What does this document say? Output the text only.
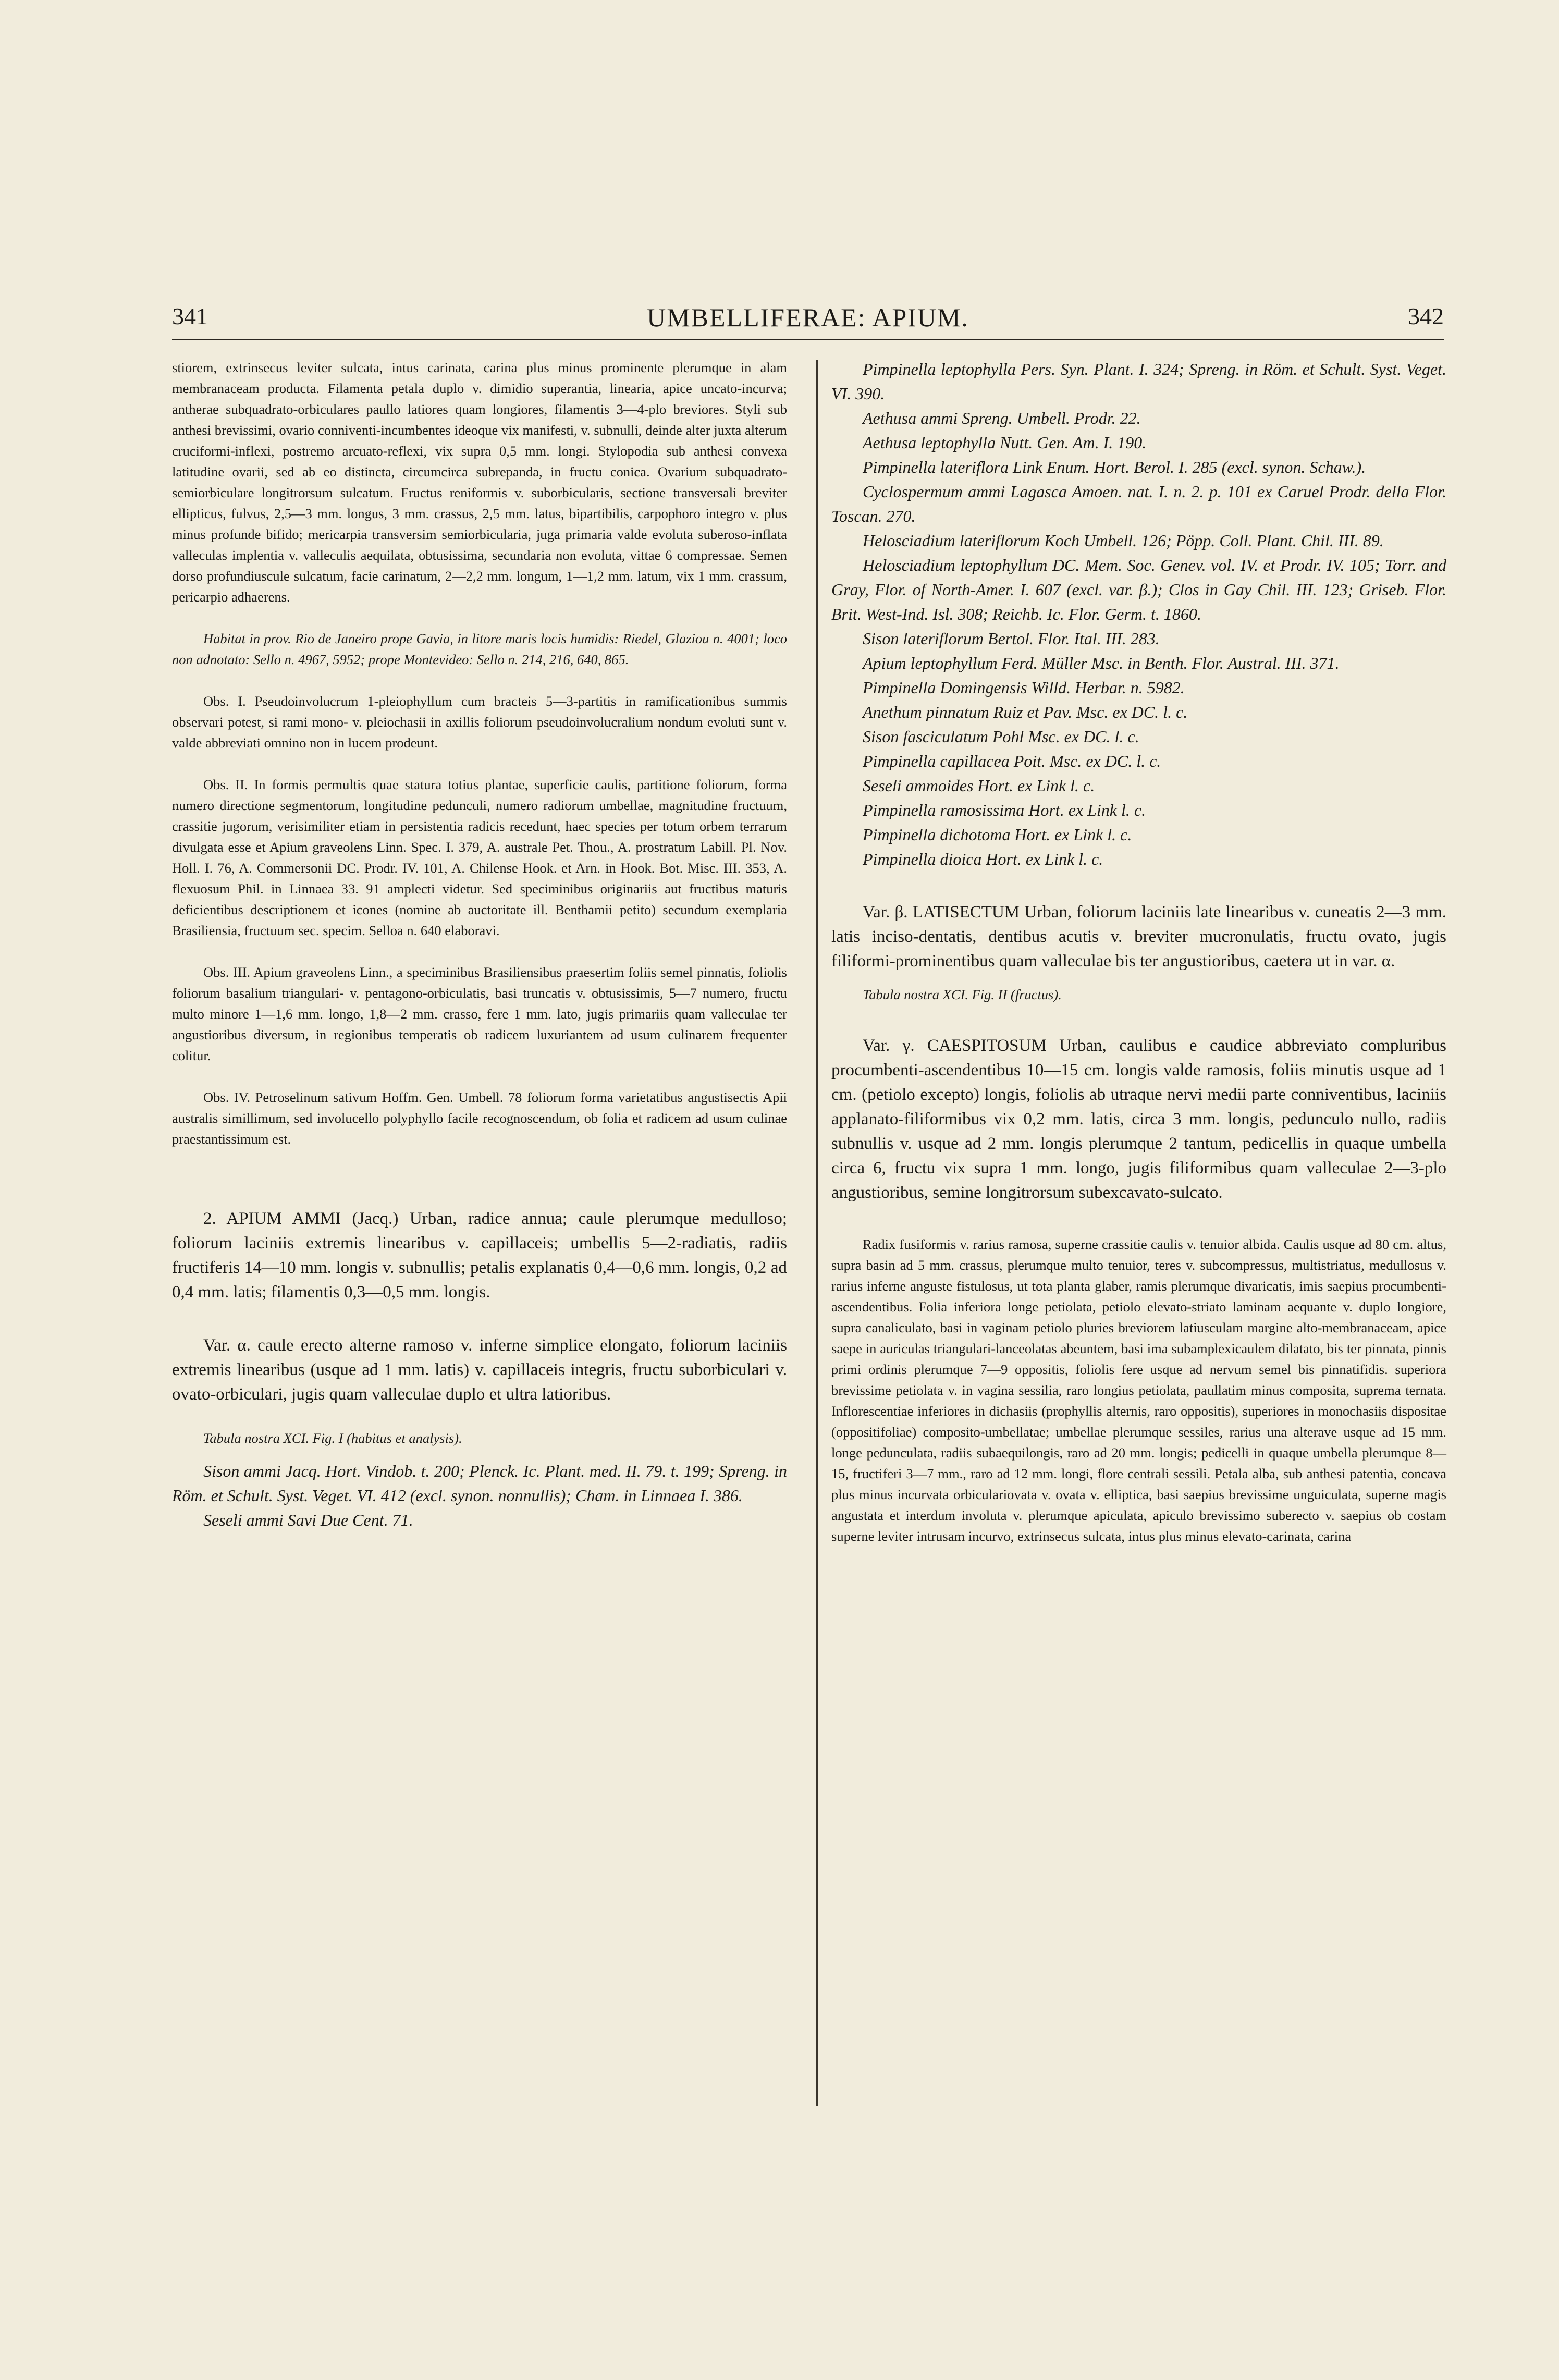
341	UMBELLIFERAE: APIUM.	342

stiorem, extrinsecus leviter sulcata, intus carinata, carina plus minus prominente plerumque in alam membranaceam producta. Filamenta petala duplo v. dimidio superantia, linearia, apice uncato-incurva; antherae subquadrato-orbiculares paullo latiores quam longiores, filamentis 3—4-plo breviores. Styli sub anthesi brevissimi, ovario conniventi-incumbentes ideoque vix manifesti, v. subnulli, deinde alter juxta alterum cruciformi-inflexi, postremo arcuato-reflexi, vix supra 0,5 mm. longi. Stylopodia sub anthesi convexa latitudine ovarii, sed ab eo distincta, circumcirca subrepanda, in fructu conica. Ovarium subquadrato-semiorbiculare longitrorsum sulcatum. Fructus reniformis v. suborbicularis, sectione transversali breviter ellipticus, fulvus, 2,5—3 mm. longus, 3 mm. crassus, 2,5 mm. latus, bipartibilis, carpophoro integro v. plus minus profunde bifido; mericarpia transversim semiorbicularia, juga primaria valde evoluta suberoso-inflata valleculas implentia v. valleculis aequilata, obtusissima, secundaria non evoluta, vittae 6 compressae. Semen dorso profundiuscule sulcatum, facie carinatum, 2—2,2 mm. longum, 1—1,2 mm. latum, vix 1 mm. crassum, pericarpio adhaerens.

Habitat in prov. Rio de Janeiro prope Gavia, in litore maris locis humidis: Riedel, Glaziou n. 4001; loco non adnotato: Sello n. 4967, 5952; prope Montevideo: Sello n. 214, 216, 640, 865.

Obs. I. Pseudoinvolucrum 1-pleiophyllum cum bracteis 5—3-partitis in ramificationibus summis observari potest, si rami mono- v. pleiochasii in axillis foliorum pseudoinvolucralium nondum evoluti sunt v. valde abbreviati omnino non in lucem prodeunt.

Obs. II. In formis permultis quae statura totius plantae, superficie caulis, partitione foliorum, forma numero directione segmentorum, longitudine pedunculi, numero radiorum umbellae, magnitudine fructuum, crassitie jugorum, verisimiliter etiam in persistentia radicis recedunt, haec species per totum orbem terrarum divulgata esse et Apium graveolens Linn. Spec. I. 379, A. australe Pet. Thou., A. prostratum Labill. Pl. Nov. Holl. I. 76, A. Commersonii DC. Prodr. IV. 101, A. Chilense Hook. et Arn. in Hook. Bot. Misc. III. 353, A. flexuosum Phil. in Linnaea 33. 91 amplecti videtur. Sed speciminibus originariis aut fructibus maturis deficientibus descriptionem et icones (nomine ab auctoritate ill. Benthamii petito) secundum exemplaria Brasiliensia, fructuum sec. specim. Selloa n. 640 elaboravi.

Obs. III. Apium graveolens Linn., a speciminibus Brasiliensibus praesertim foliis semel pinnatis, foliolis foliorum basalium triangulari- v. pentagono-orbiculatis, basi truncatis v. obtusissimis, 5—7 numero, fructu multo minore 1—1,6 mm. longo, 1,8—2 mm. crasso, fere 1 mm. lato, jugis primariis quam valleculae ter angustioribus diversum, in regionibus temperatis ob radicem luxuriantem ad usum culinarem frequenter colitur.

Obs. IV. Petroselinum sativum Hoffm. Gen. Umbell. 78 foliorum forma varietatibus angustisectis Apii australis simillimum, sed involucello polyphyllo facile recognoscendum, ob folia et radicem ad usum culinae praestantissimum est.

2. APIUM AMMI (Jacq.) Urban, radice annua; caule plerumque medulloso; foliorum laciniis extremis linearibus v. capillaceis; umbellis 5—2-radiatis, radiis fructiferis 14—10 mm. longis v. subnullis; petalis explanatis 0,4—0,6 mm. longis, 0,2 ad 0,4 mm. latis; filamentis 0,3—0,5 mm. longis.

Var. α. caule erecto alterne ramoso v. inferne simplice elongato, foliorum laciniis extremis linearibus (usque ad 1 mm. latis) v. capillaceis integris, fructu suborbiculari v. ovato-orbiculari, jugis quam valleculae duplo et ultra latioribus.

Tabula nostra XCI. Fig. I (habitus et analysis).

Sison ammi Jacq. Hort. Vindob. t. 200; Plenck. Ic. Plant. med. II. 79. t. 199; Spreng. in Röm. et Schult. Syst. Veget. VI. 412 (excl. synon. nonnullis); Cham. in Linnaea I. 386.

Seseli ammi Savi Due Cent. 71.

Pimpinella leptophylla Pers. Syn. Plant. I. 324; Spreng. in Röm. et Schult. Syst. Veget. VI. 390.

Aethusa ammi Spreng. Umbell. Prodr. 22.

Aethusa leptophylla Nutt. Gen. Am. I. 190.

Pimpinella lateriflora Link Enum. Hort. Berol. I. 285 (excl. synon. Schaw.).

Cyclospermum ammi Lagasca Amoen. nat. I. n. 2. p. 101 ex Caruel Prodr. della Flor. Toscan. 270.

Helosciadium lateriflorum Koch Umbell. 126; Pöpp. Coll. Plant. Chil. III. 89.

Helosciadium leptophyllum DC. Mem. Soc. Genev. vol. IV. et Prodr. IV. 105; Torr. and Gray, Flor. of North-Amer. I. 607 (excl. var. β.); Clos in Gay Chil. III. 123; Griseb. Flor. Brit. West-Ind. Isl. 308; Reichb. Ic. Flor. Germ. t. 1860.

Sison lateriflorum Bertol. Flor. Ital. III. 283.

Apium leptophyllum Ferd. Müller Msc. in Benth. Flor. Austral. III. 371.

Pimpinella Domingensis Willd. Herbar. n. 5982.

Anethum pinnatum Ruiz et Pav. Msc. ex DC. l. c.

Sison fasciculatum Pohl Msc. ex DC. l. c.

Pimpinella capillacea Poit. Msc. ex DC. l. c.

Seseli ammoides Hort. ex Link l. c.

Pimpinella ramosissima Hort. ex Link l. c.

Pimpinella dichotoma Hort. ex Link l. c.

Pimpinella dioica Hort. ex Link l. c.

Var. β. LATISECTUM Urban, foliorum laciniis late linearibus v. cuneatis 2—3 mm. latis inciso-dentatis, dentibus acutis v. breviter mucronulatis, fructu ovato, jugis filiformi-prominentibus quam valleculae bis ter angustioribus, caetera ut in var. α.

Tabula nostra XCI. Fig. II (fructus).

Var. γ. CAESPITOSUM Urban, caulibus e caudice abbreviato compluribus procumbenti-ascendentibus 10—15 cm. longis valde ramosis, foliis minutis usque ad 1 cm. (petiolo excepto) longis, foliolis ab utraque nervi medii parte conniventibus, laciniis applanato-filiformibus vix 0,2 mm. latis, circa 3 mm. longis, pedunculo nullo, radiis subnullis v. usque ad 2 mm. longis plerumque 2 tantum, pedicellis in quaque umbella circa 6, fructu vix supra 1 mm. longo, jugis filiformibus quam valleculae 2—3-plo angustioribus, semine longitrorsum subexcavato-sulcato.

Radix fusiformis v. rarius ramosa, superne crassitie caulis v. tenuior albida. Caulis usque ad 80 cm. altus, supra basin ad 5 mm. crassus, plerumque multo tenuior, teres v. subcompressus, multistriatus, medullosus v. rarius inferne anguste fistulosus, ut tota planta glaber, ramis plerumque divaricatis, imis saepius procumbenti-ascendentibus. Folia inferiora longe petiolata, petiolo elevato-striato laminam aequante v. duplo longiore, supra canaliculato, basi in vaginam petiolo pluries breviorem latiusculam margine alto-membranaceam, apice saepe in auriculas triangulari-lanceolatas abeuntem, basi ima subamplexicaulem dilatato, bis ter pinnata, pinnis primi ordinis plerumque 7—9 oppositis, foliolis fere usque ad nervum semel bis pinnatifidis. superiora brevissime petiolata v. in vagina sessilia, raro longius petiolata, paullatim minus composita, suprema ternata. Inflorescentiae inferiores in dichasiis (prophyllis alternis, raro oppositis), superiores in monochasiis dispositae (oppositifoliae) composito-umbellatae; umbellae plerumque sessiles, rarius una alterave usque ad 15 mm. longe pedunculata, radiis subaequilongis, raro ad 20 mm. longis; pedicelli in quaque umbella plerumque 8—15, fructiferi 3—7 mm., raro ad 12 mm. longi, flore centrali sessili. Petala alba, sub anthesi patentia, concava plus minus incurvata orbiculariovata v. ovata v. elliptica, basi saepius brevissime unguiculata, superne magis angustata et interdum involuta v. plerumque apiculata, apiculo brevissimo suberecto v. saepius ob costam superne leviter intrusam incurvo, extrinsecus sulcata, intus plus minus elevato-carinata, carina
